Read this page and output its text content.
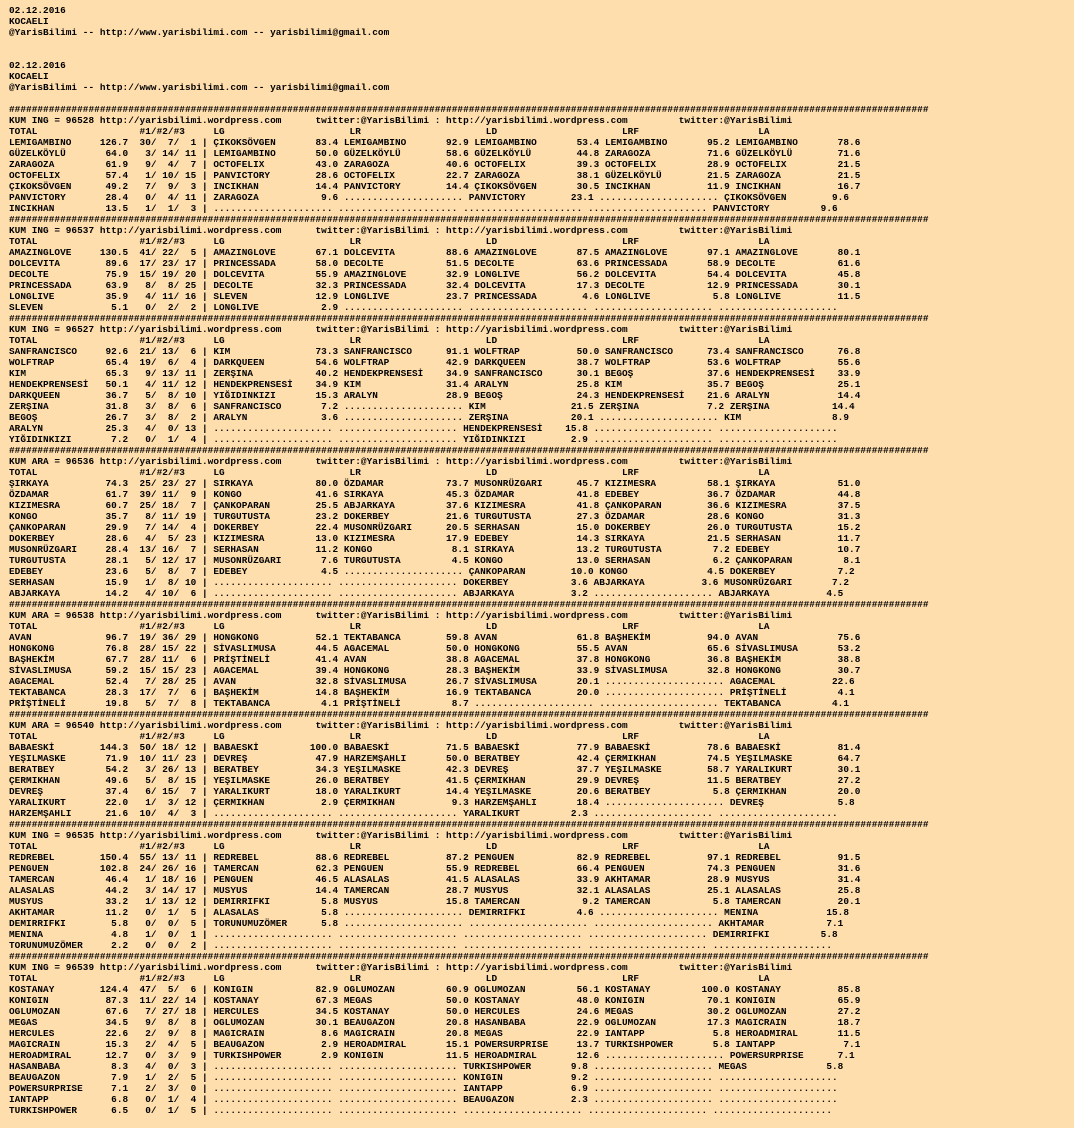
02.12.2016
KOCAELI
@YarisBilimi -- http://www.yarisbilimi.com -- yarisbilimi@gmail.com

02.12.2016
KOCAELI
@YarisBilimi -- http://www.yarisbilimi.com -- yarisbilimi@gmail.com

##################################################################################################################################################################
KUM ING = 96528 http://yarisbilimi.wordpress.com      twitter:@YarisBilimi : http://yarisbilimi.wordpress.com         twitter:@YarisBilimi
TOTAL                  #1/#2/#3     LG                      LR                      LD                      LRF                     LA
LEMIGAMBINO     126.7  30/  7/  1 | ÇIKOKSÖVGEN       83.4 LEMIGAMBINO       92.9 LEMIGAMBINO       53.4 LEMIGAMBINO       95.2 LEMIGAMBINO       78.6
GÜZELKÖYLÜ       64.0   3/ 14/ 11 | LEMIGAMBINO       50.0 GÜZELKÖYLÜ        58.6 GÜZELKÖYLÜ        44.8 ZARAGOZA          71.6 GÜZELKÖYLÜ        71.6
ZARAGOZA         61.9   9/  4/  7 | OCTOFELIX         43.0 ZARAGOZA          40.6 OCTOFELIX         39.3 OCTOFELIX         28.9 OCTOFELIX         21.5
OCTOFELIX        57.4   1/ 10/ 15 | PANVICTORY        28.6 OCTOFELIX         22.7 ZARAGOZA          38.1 GÜZELKÖYLÜ        21.5 ZARAGOZA          21.5
ÇIKOKSÖVGEN      49.2   7/  9/  3 | INCIKHAN          14.4 PANVICTORY        14.4 ÇIKOKSÖVGEN       30.5 INCIKHAN          11.9 INCIKHAN          16.7
PANVICTORY       28.4   0/  4/ 11 | ZARAGOZA           9.6 ..................... PANVICTORY        23.1 ..................... ÇIKOKSÖVGEN        9.6
INCIKHAN         13.5   1/  1/  3 | ..................... ..................... ..................... ..................... PANVICTORY         9.6
##################################################################################################################################################################
KUM ING = 96537 http://yarisbilimi.wordpress.com      twitter:@YarisBilimi : http://yarisbilimi.wordpress.com         twitter:@YarisBilimi
TOTAL                  #1/#2/#3     LG                      LR                      LD                      LRF                     LA
AMAZINGLOVE     130.5  41/ 22/  5 | AMAZINGLOVE       67.1 DOLCEVITA         88.6 AMAZINGLOVE       87.5 AMAZINGLOVE       97.1 AMAZINGLOVE       80.1
DOLCEVITA        89.6  17/ 23/ 17 | PRINCESSADA       58.0 DECOLTE           51.5 DECOLTE           63.6 PRINCESSADA       58.9 DECOLTE           61.6
DECOLTE          75.9  15/ 19/ 20 | DOLCEVITA         55.9 AMAZINGLOVE       32.9 LONGLIVE          56.2 DOLCEVITA         54.4 DOLCEVITA         45.8
PRINCESSADA      63.9   8/  8/ 25 | DECOLTE           32.3 PRINCESSADA       32.4 DOLCEVITA         17.3 DECOLTE           12.9 PRINCESSADA       30.1
LONGLIVE         35.9   4/ 11/ 16 | SLEVEN            12.9 LONGLIVE          23.7 PRINCESSADA        4.6 LONGLIVE           5.8 LONGLIVE          11.5
SLEVEN            5.1   0/  2/  2 | LONGLIVE           2.9 ..................... ..................... ..................... .....................
##################################################################################################################################################################
KUM ING = 96527 http://yarisbilimi.wordpress.com      twitter:@YarisBilimi : http://yarisbilimi.wordpress.com         twitter:@YarisBilimi
TOTAL                  #1/#2/#3     LG                      LR                      LD                      LRF                     LA
SANFRANCISCO     92.6  21/ 13/  6 | KIM               73.3 SANFRANCISCO      91.1 WOLFTRAP          50.0 SANFRANCISCO      73.4 SANFRANCISCO      76.8
WOLFTRAP         65.4  19/  6/  4 | DARKQUEEN         54.6 WOLFTRAP          42.9 DARKQUEEN         38.7 WOLFTRAP          53.6 WOLFTRAP          55.6
KIM              65.3   9/ 13/ 11 | ZERŞINA           40.2 HENDEKPRENSESİ    34.9 SANFRANCISCO      30.1 BEGOŞ             37.6 HENDEKPRENSESİ    33.9
HENDEKPRENSESİ   50.1   4/ 11/ 12 | HENDEKPRENSESİ    34.9 KIM               31.4 ARALYN            25.8 KIM               35.7 BEGOŞ             25.1
DARKQUEEN        36.7   5/  8/ 10 | YIĞIDINKIZI       15.3 ARALYN            28.9 BEGOŞ             24.3 HENDEKPRENSESİ    21.6 ARALYN            14.4
ZERŞINA          31.8   3/  8/  6 | SANFRANCISCO       7.2 ..................... KIM               21.5 ZERŞINA            7.2 ZERŞINA           14.4
BEGOŞ            26.7   3/  8/  2 | ARALYN             3.6 ..................... ZERŞINA           20.1 ..................... KIM                8.9
ARALYN           25.3   4/  0/ 13 | ..................... ..................... HENDEKPRENSESİ    15.8 ..................... .....................
YIĞIDINKIZI       7.2   0/  1/  4 | ..................... ..................... YIĞIDINKIZI        2.9 ..................... .....................
##################################################################################################################################################################
KUM ARA = 96536 http://yarisbilimi.wordpress.com      twitter:@YarisBilimi : http://yarisbilimi.wordpress.com         twitter:@YarisBilimi
TOTAL                  #1/#2/#3     LG                      LR                      LD                      LRF                     LA
ŞIRKAYA          74.3  25/ 23/ 27 | SIRKAYA           80.0 ÖZDAMAR           73.7 MUSONRÜZGARI      45.7 KIZIMESRA         58.1 ŞIRKAYA           51.0
ÖZDAMAR          61.7  39/ 11/  9 | KONGO             41.6 SIRKAYA           45.3 ÖZDAMAR           41.8 EDEBEY            36.7 ÖZDAMAR           44.8
KIZIMESRA        60.7  25/ 18/  7 | ÇANKOPARAN        25.5 ABJARKAYA         37.6 KIZIMESRA         41.8 ÇANKOPARAN        36.6 KIZIMESRA         37.5
KONGO            35.7   8/ 11/ 19 | TURGUTUSTA        23.2 DOKERBEY          21.6 TURGUTUSTA        27.3 ÖZDAMAR           28.6 KONGO             31.3
ÇANKOPARAN       29.9   7/ 14/  4 | DOKERBEY          22.4 MUSONRÜZGARI      20.5 SERHASAN          15.0 DOKERBEY          26.0 TURGUTUSTA        15.2
DOKERBEY         28.6   4/  5/ 23 | KIZIMESRA         13.0 KIZIMESRA         17.9 EDEBEY            14.3 SIRKAYA           21.5 SERHASAN          11.7
MUSONRÜZGARI     28.4  13/ 16/  7 | SERHASAN          11.2 KONGO              8.1 SIRKAYA           13.2 TURGUTUSTA         7.2 EDEBEY            10.7
TURGUTUSTA       28.1   5/ 12/ 17 | MUSONRÜZGARI       7.6 TURGUTUSTA         4.5 KONGO             13.0 SERHASAN           6.2 ÇANKOPARAN         8.1
EDEBEY           23.6   5/  8/  7 | EDEBEY             4.5 ..................... ÇANKOPARAN        10.0 KONGO              4.5 DOKERBEY           7.2
SERHASAN         15.9   1/  8/ 10 | ..................... ..................... DOKERBEY           3.6 ABJARKAYA          3.6 MUSONRÜZGARI       7.2
ABJARKAYA        14.2   4/ 10/  6 | ..................... ..................... ABJARKAYA          3.2 ..................... ABJARKAYA          4.5
##################################################################################################################################################################
KUM ARA = 96538 http://yarisbilimi.wordpress.com      twitter:@YarisBilimi : http://yarisbilimi.wordpress.com         twitter:@YarisBilimi
TOTAL                  #1/#2/#3     LG                      LR                      LD                      LRF                     LA
AVAN             96.7  19/ 36/ 29 | HONGKONG          52.1 TEKTABANCA        59.8 AVAN              61.8 BAŞHEKİM          94.0 AVAN              75.6
HONGKONG         76.8  28/ 15/ 22 | SİVASLIMUSA       44.5 AGACEMAL          50.0 HONGKONG          55.5 AVAN              65.6 SİVASLIMUSA       53.2
BAŞHEKİM         67.7  28/ 11/  6 | PRİŞTİNELİ        41.4 AVAN              38.8 AGACEMAL          37.8 HONGKONG          36.8 BAŞHEKİM          38.8
SİVASLIMUSA      59.2  15/ 15/ 23 | AGACEMAL          39.4 HONGKONG          28.3 BAŞHEKİM          33.9 SİVASLIMUSA       32.8 HONGKONG          30.7
AGACEMAL         52.4   7/ 28/ 25 | AVAN              32.8 SİVASLIMUSA       26.7 SİVASLIMUSA       20.1 ..................... AGACEMAL          22.6
TEKTABANCA       28.3  17/  7/  6 | BAŞHEKİM          14.8 BAŞHEKİM          16.9 TEKTABANCA        20.0 ..................... PRİŞTİNELİ         4.1
PRİŞTİNELİ       19.8   5/  7/  8 | TEKTABANCA         4.1 PRİŞTİNELİ         8.7 ..................... ..................... TEKTABANCA         4.1
##################################################################################################################################################################
KUM ARA = 96540 http://yarisbilimi.wordpress.com      twitter:@YarisBilimi : http://yarisbilimi.wordpress.com         twitter:@YarisBilimi
TOTAL                  #1/#2/#3     LG                      LR                      LD                      LRF                     LA
BABAESKİ        144.3  50/ 18/ 12 | BABAESKİ         100.0 BABAESKİ          71.5 BABAESKİ          77.9 BABAESKİ          78.6 BABAESKİ          81.4
YEŞILMASKE       71.9  10/ 11/ 23 | DEVREŞ            47.9 HARZEMŞAHLI       50.0 BERATBEY          42.4 ÇERMIKHAN         74.5 YEŞILMASKE        64.7
BERATBEY         54.2   3/ 26/ 13 | BERATBEY          34.3 YEŞILMASKE        42.3 DEVREŞ            37.7 YEŞILMASKE        58.7 YARALIKURT        30.1
ÇERMIKHAN        49.6   5/  8/ 15 | YEŞILMASKE        26.0 BERATBEY          41.5 ÇERMIKHAN         29.9 DEVREŞ            11.5 BERATBEY          27.2
DEVREŞ           37.4   6/ 15/  7 | YARALIKURT        18.0 YARALIKURT        14.4 YEŞILMASKE        20.6 BERATBEY           5.8 ÇERMIKHAN         20.0
YARALIKURT       22.0   1/  3/ 12 | ÇERMIKHAN          2.9 ÇERMIKHAN          9.3 HARZEMŞAHLI       18.4 ..................... DEVREŞ             5.8
HARZEMŞAHLI      21.6  10/  4/  3 | ..................... ..................... YARALIKURT         2.3 ..................... .....................
##################################################################################################################################################################
KUM ING = 96535 http://yarisbilimi.wordpress.com      twitter:@YarisBilimi : http://yarisbilimi.wordpress.com         twitter:@YarisBilimi
TOTAL                  #1/#2/#3     LG                      LR                      LD                      LRF                     LA
REDREBEL        150.4  55/ 13/ 11 | REDREBEL          88.6 REDREBEL          87.2 PENGUEN           82.9 REDREBEL          97.1 REDREBEL          91.5
PENGUEN         102.8  24/ 26/ 16 | TAMERCAN          62.3 PENGUEN           55.9 REDREBEL          66.4 PENGUEN           74.3 PENGUEN           31.6
TAMERCAN         46.4   1/ 18/ 16 | PENGUEN           46.5 ALASALAS          41.5 ALASALAS          33.9 AKHTAMAR          28.9 MUSYUS            31.4
ALASALAS         44.2   3/ 14/ 17 | MUSYUS            14.4 TAMERCAN          28.7 MUSYUS            32.1 ALASALAS          25.1 ALASALAS          25.8
MUSYUS           33.2   1/ 13/ 12 | DEMIRRIFKI         5.8 MUSYUS            15.8 TAMERCAN           9.2 TAMERCAN           5.8 TAMERCAN          20.1
AKHTAMAR         11.2   0/  1/  5 | ALASALAS           5.8 ..................... DEMIRRIFKI         4.6 ..................... MENINA            15.8
DEMIRRIFKI        5.8   0/  0/  5 | TORUNUMUZÖMER      5.8 ..................... ..................... ..................... AKHTAMAR           7.1
MENINA            4.8   1/  0/  1 | ..................... ..................... ..................... ..................... DEMIRRIFKI         5.8
TORUNUMUZÖMER     2.2   0/  0/  2 | ..................... ..................... ..................... ..................... .....................
##################################################################################################################################################################
KUM ING = 96539 http://yarisbilimi.wordpress.com      twitter:@YarisBilimi : http://yarisbilimi.wordpress.com         twitter:@YarisBilimi
TOTAL                  #1/#2/#3     LG                      LR                      LD                      LRF                     LA
KOSTANAY        124.4  47/  5/  6 | KONIGIN           82.9 OGLUMOZAN         60.9 OGLUMOZAN         56.1 KOSTANAY         100.0 KOSTANAY          85.8
KONIGIN          87.3  11/ 22/ 14 | KOSTANAY          67.3 MEGAS             50.0 KOSTANAY          48.0 KONIGIN           70.1 KONIGIN           65.9
OGLUMOZAN        67.6   7/ 27/ 18 | HERCULES          34.5 KOSTANAY          50.0 HERCULES          24.6 MEGAS             30.2 OGLUMOZAN         27.2
MEGAS            34.5   9/  8/  8 | OGLUMOZAN         30.1 BEAUGAZON         20.8 HASANBABA         22.9 OGLUMOZAN         17.3 MAGICRAIN         18.7
HERCULES         22.6   2/  9/  8 | MAGICRAIN          8.6 MAGICRAIN         20.8 MEGAS             22.9 IANTAPP            5.8 HEROADMIRAL       11.5
MAGICRAIN        15.3   2/  4/  5 | BEAUGAZON          2.9 HEROADMIRAL       15.1 POWERSURPRISE     13.7 TURKISHPOWER       5.8 IANTAPP            7.1
HEROADMIRAL      12.7   0/  3/  9 | TURKISHPOWER       2.9 KONIGIN           11.5 HEROADMIRAL       12.6 ..................... POWERSURPRISE      7.1
HASANBABA         8.3   4/  0/  3 | ..................... ..................... TURKISHPOWER       9.8 ..................... MEGAS              5.8
BEAUGAZON         7.9   1/  2/  5 | ..................... ..................... KONIGIN            9.2 ..................... .....................
POWERSURPRISE     7.1   2/  3/  0 | ..................... ..................... IANTAPP            6.9 ..................... .....................
IANTAPP           6.8   0/  1/  4 | ..................... ..................... BEAUGAZON          2.3 ..................... .....................
TURKISHPOWER      6.5   0/  1/  5 | ..................... ..................... ..................... ..................... .....................
